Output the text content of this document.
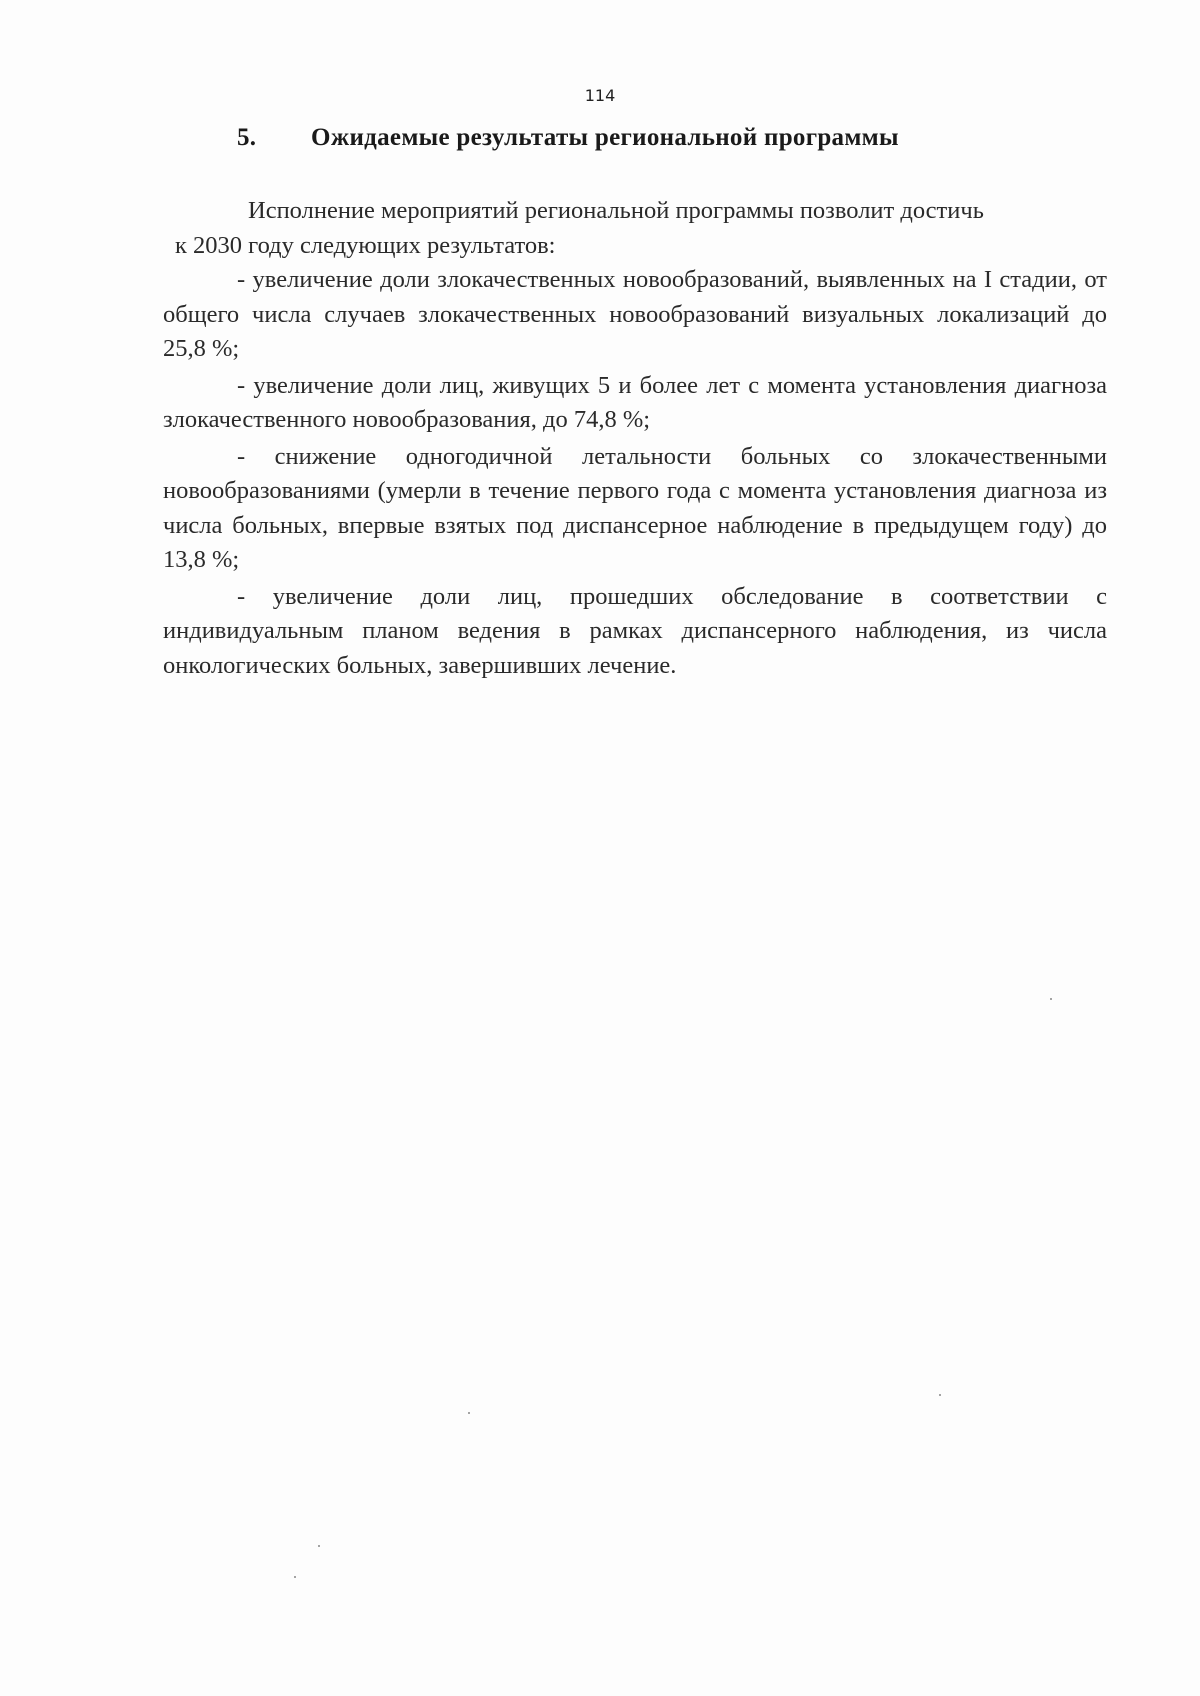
114
5. Ожидаемые результаты региональной программы

Исполнение мероприятий региональной программы позволит достичь

к 2030 году следующих результатов:

- увеличение доли злокачественных новообразований, выявленных на I стадии, от общего числа случаев злокачественных новообразований визуальных локализаций до 25,8 %;

- увеличение доли лиц, живущих 5 и более лет с момента установления диагноза злокачественного новообразования, до 74,8 %;

- снижение одногодичной летальности больных со злокачественными новообразованиями (умерли в течение первого года с момента установления диагноза из числа больных, впервые взятых под диспансерное наблюдение в предыдущем году) до 13,8 %;

- увеличение доли лиц, прошедших обследование в соответствии с индивидуальным планом ведения в рамках диспансерного наблюдения, из числа онкологических больных, завершивших лечение.
